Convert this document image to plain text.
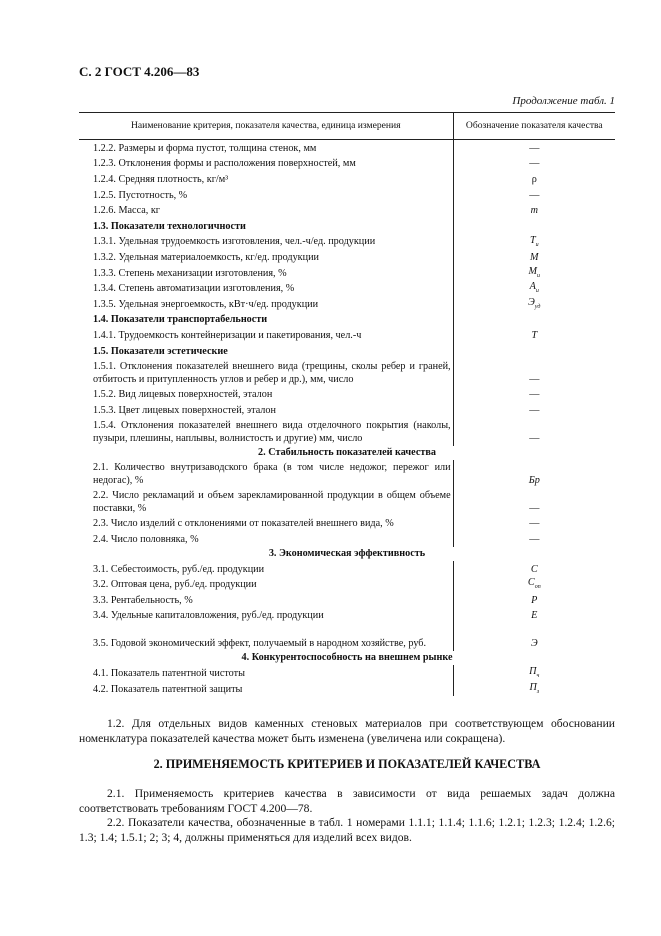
С. 2 ГОСТ 4.206—83
Продолжение табл. 1
Наименование критерия, показателя качества, единица измерения	Обозначение показателя качества
1.2.2. Размеры и форма пустот, толщина стенок, мм	—
1.2.3. Отклонения формы и расположения поверхностей, мм	—
1.2.4. Средняя плотность, кг/м³	ρ
1.2.5. Пустотность, %	—
1.2.6. Масса, кг	m
1.3. Показатели технологичности	
1.3.1. Удельная трудоемкость изготовления, чел.-ч/ед. продукции	$Т_и$
1.3.2. Удельная материалоемкость, кг/ед. продукции	М
1.3.3. Степень механизации изготовления, %	$М_и$
1.3.4. Степень автоматизации изготовления, %	$А_и$
1.3.5. Удельная энергоемкость, кВт·ч/ед. продукции	$Э_{уд}$
1.4. Показатели транспортабельности	
1.4.1. Трудоемкость контейнеризации и пакетирования, чел.-ч	Т
1.5. Показатели эстетические	
1.5.1. Отклонения показателей внешнего вида (трещины, сколы ребер и граней, отбитость и притупленность углов и ребер и др.), мм, число	—
1.5.2. Вид лицевых поверхностей, эталон	—
1.5.3. Цвет лицевых поверхностей, эталон	—
1.5.4. Отклонения показателей внешнего вида отделочного покрытия (наколы, пузыри, плешины, наплывы, волнистость и другие) мм, число	—
2. Стабильность показателей качества	
2.1. Количество внутризаводского брака (в том числе недожог, пережог или недогас), %	Бр
2.2. Число рекламаций и объем зарекламированной продукции в общем объеме поставки, %	—
2.3. Число изделий с отклонениями от показателей внешнего вида, %	—
2.4. Число половняка, %	—
3. Экономическая эффективность	
3.1. Себестоимость, руб./ед. продукции	С
3.2. Оптовая цена, руб./ед. продукции	$С_{оп}$
3.3. Рентабельность, %	Р
3.4. Удельные капиталовложения, руб./ед. продукции	Е
3.5. Годовой экономический эффект, получаемый в народном хозяйстве, руб.	Э
4. Конкурентоспособность на внешнем рынке	
4.1. Показатель патентной чистоты	$П_ч$
4.2. Показатель патентной защиты	$П_з$
1.2. Для отдельных видов каменных стеновых материалов при соответствующем обосновании номенклатура показателей качества может быть изменена (увеличена или сокращена).
2. ПРИМЕНЯЕМОСТЬ КРИТЕРИЕВ И ПОКАЗАТЕЛЕЙ КАЧЕСТВА
2.1. Применяемость критериев качества в зависимости от вида решаемых задач должна соответствовать требованиям ГОСТ 4.200—78.
2.2. Показатели качества, обозначенные в табл. 1 номерами 1.1.1; 1.1.4; 1.1.6; 1.2.1; 1.2.3; 1.2.4; 1.2.6; 1.3; 1.4; 1.5.1; 2; 3; 4, должны применяться для изделий всех видов.
